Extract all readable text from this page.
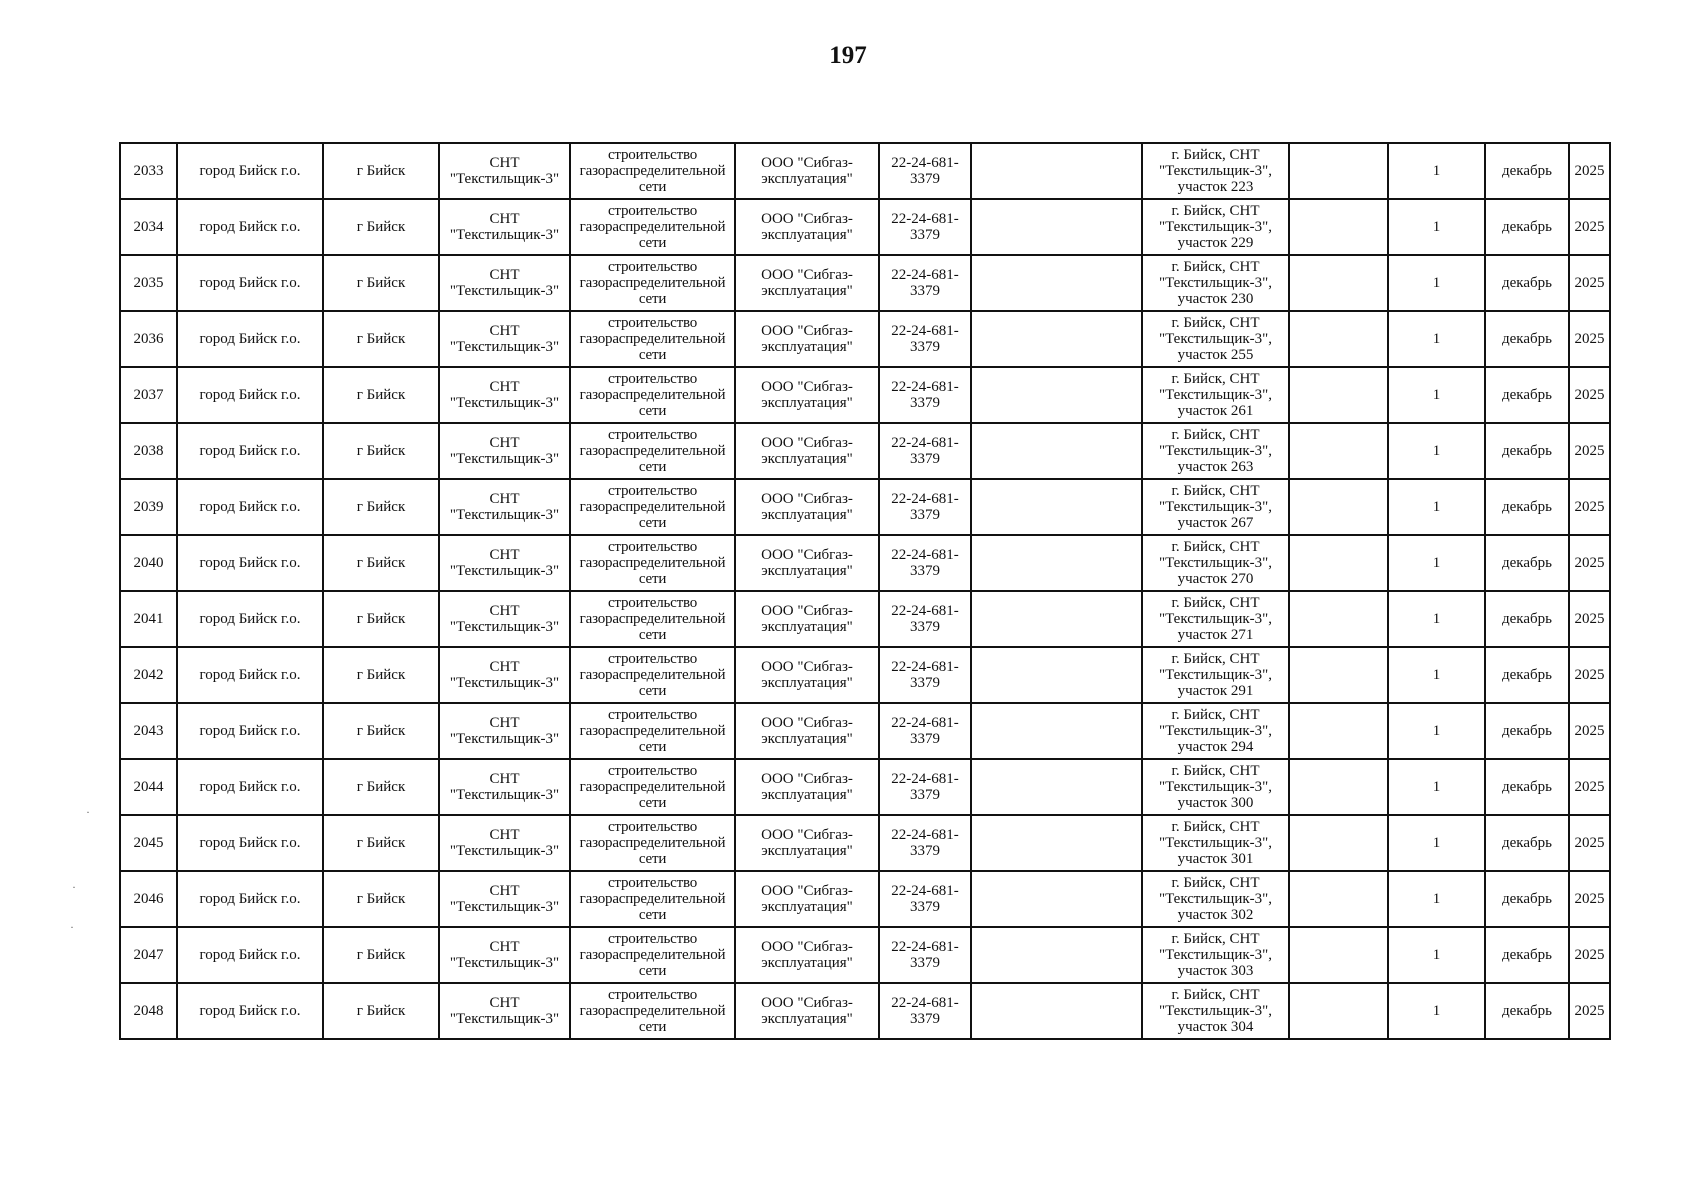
197
2033	город Бийск г.о.	г Бийск	СНТ "Текстильщик-3"	строительство газораспределительной сети	ООО "Сибгаз-эксплуатация"	22-24-681-3379		г. Бийск, СНТ "Текстильщик-3", участок 223		1	декабрь	2025
2034	город Бийск г.о.	г Бийск	СНТ "Текстильщик-3"	строительство газораспределительной сети	ООО "Сибгаз-эксплуатация"	22-24-681-3379		г. Бийск, СНТ "Текстильщик-3", участок 229		1	декабрь	2025
2035	город Бийск г.о.	г Бийск	СНТ "Текстильщик-3"	строительство газораспределительной сети	ООО "Сибгаз-эксплуатация"	22-24-681-3379		г. Бийск, СНТ "Текстильщик-3", участок 230		1	декабрь	2025
2036	город Бийск г.о.	г Бийск	СНТ "Текстильщик-3"	строительство газораспределительной сети	ООО "Сибгаз-эксплуатация"	22-24-681-3379		г. Бийск, СНТ "Текстильщик-3", участок 255		1	декабрь	2025
2037	город Бийск г.о.	г Бийск	СНТ "Текстильщик-3"	строительство газораспределительной сети	ООО "Сибгаз-эксплуатация"	22-24-681-3379		г. Бийск, СНТ "Текстильщик-3", участок 261		1	декабрь	2025
2038	город Бийск г.о.	г Бийск	СНТ "Текстильщик-3"	строительство газораспределительной сети	ООО "Сибгаз-эксплуатация"	22-24-681-3379		г. Бийск, СНТ "Текстильщик-3", участок 263		1	декабрь	2025
2039	город Бийск г.о.	г Бийск	СНТ "Текстильщик-3"	строительство газораспределительной сети	ООО "Сибгаз-эксплуатация"	22-24-681-3379		г. Бийск, СНТ "Текстильщик-3", участок 267		1	декабрь	2025
2040	город Бийск г.о.	г Бийск	СНТ "Текстильщик-3"	строительство газораспределительной сети	ООО "Сибгаз-эксплуатация"	22-24-681-3379		г. Бийск, СНТ "Текстильщик-3", участок 270		1	декабрь	2025
2041	город Бийск г.о.	г Бийск	СНТ "Текстильщик-3"	строительство газораспределительной сети	ООО "Сибгаз-эксплуатация"	22-24-681-3379		г. Бийск, СНТ "Текстильщик-3", участок 271		1	декабрь	2025
2042	город Бийск г.о.	г Бийск	СНТ "Текстильщик-3"	строительство газораспределительной сети	ООО "Сибгаз-эксплуатация"	22-24-681-3379		г. Бийск, СНТ "Текстильщик-3", участок 291		1	декабрь	2025
2043	город Бийск г.о.	г Бийск	СНТ "Текстильщик-3"	строительство газораспределительной сети	ООО "Сибгаз-эксплуатация"	22-24-681-3379		г. Бийск, СНТ "Текстильщик-3", участок 294		1	декабрь	2025
2044	город Бийск г.о.	г Бийск	СНТ "Текстильщик-3"	строительство газораспределительной сети	ООО "Сибгаз-эксплуатация"	22-24-681-3379		г. Бийск, СНТ "Текстильщик-3", участок 300		1	декабрь	2025
2045	город Бийск г.о.	г Бийск	СНТ "Текстильщик-3"	строительство газораспределительной сети	ООО "Сибгаз-эксплуатация"	22-24-681-3379		г. Бийск, СНТ "Текстильщик-3", участок 301		1	декабрь	2025
2046	город Бийск г.о.	г Бийск	СНТ "Текстильщик-3"	строительство газораспределительной сети	ООО "Сибгаз-эксплуатация"	22-24-681-3379		г. Бийск, СНТ "Текстильщик-3", участок 302		1	декабрь	2025
2047	город Бийск г.о.	г Бийск	СНТ "Текстильщик-3"	строительство газораспределительной сети	ООО "Сибгаз-эксплуатация"	22-24-681-3379		г. Бийск, СНТ "Текстильщик-3", участок 303		1	декабрь	2025
2048	город Бийск г.о.	г Бийск	СНТ "Текстильщик-3"	строительство газораспределительной сети	ООО "Сибгаз-эксплуатация"	22-24-681-3379		г. Бийск, СНТ "Текстильщик-3", участок 304		1	декабрь	2025
·
·
·
